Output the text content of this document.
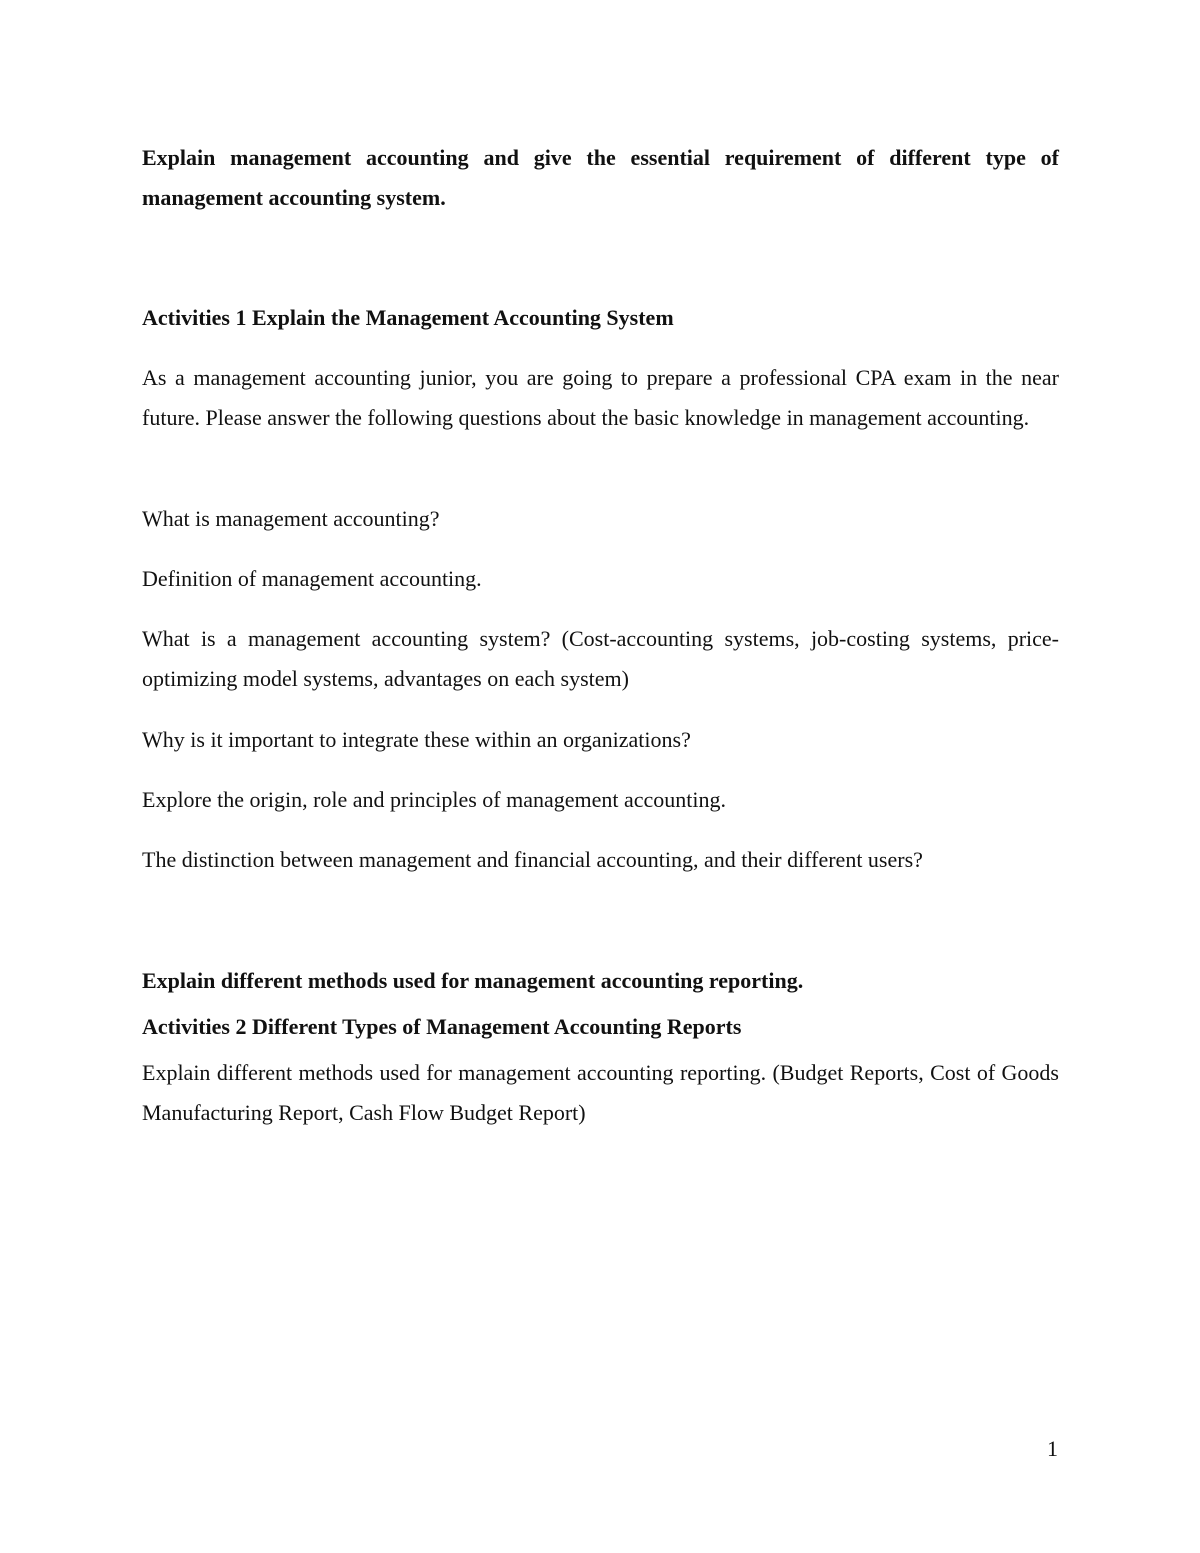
Explain management accounting and give the essential requirement of different type of management accounting system.

Activities 1 Explain the Management Accounting System

As a management accounting junior, you are going to prepare a professional CPA exam in the near future. Please answer the following questions about the basic knowledge in management accounting.

What is management accounting?

Definition of management accounting.

What is a management accounting system? (Cost-accounting systems, job-costing systems, price-optimizing model systems, advantages on each system)

Why is it important to integrate these within an organizations?

Explore the origin, role and principles of management accounting.

The distinction between management and financial accounting, and their different users?

Explain different methods used for management accounting reporting.

Activities 2 Different Types of Management Accounting Reports

Explain different methods used for management accounting reporting. (Budget Reports, Cost of Goods Manufacturing Report, Cash Flow Budget Report)

1
